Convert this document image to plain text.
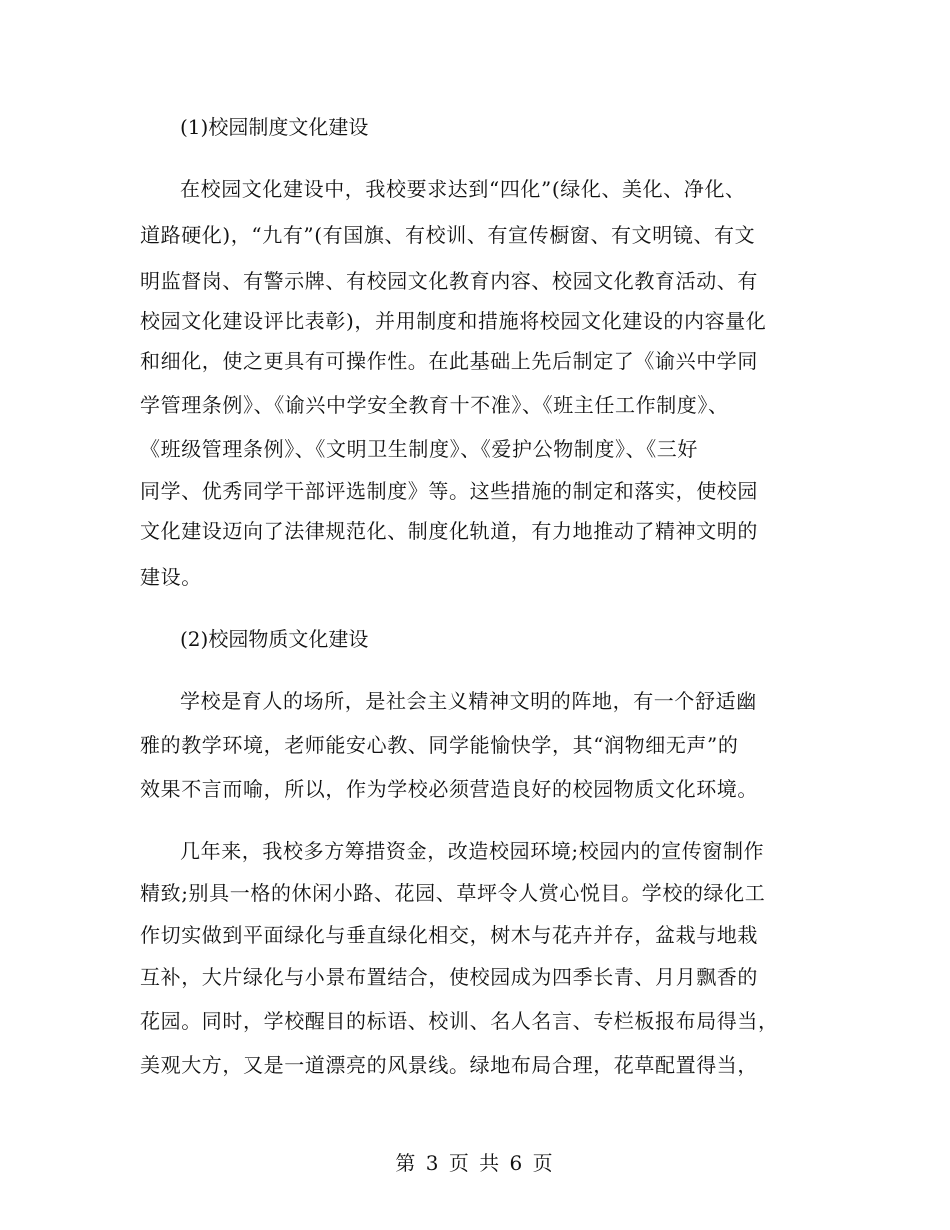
(1)校园制度文化建设
在校园文化建设中，我校要求达到“四化”(绿化、美化、净化、
道路硬化)，“九有”(有国旗、有校训、有宣传橱窗、有文明镜、有文
明监督岗、有警示牌、有校园文化教育内容、校园文化教育活动、有
校园文化建设评比表彰)，并用制度和措施将校园文化建设的内容量化
和细化，使之更具有可操作性。在此基础上先后制定了《谕兴中学同
学管理条例》、《谕兴中学安全教育十不准》、《班主任工作制度》、
《班级管理条例》、《文明卫生制度》、《爱护公物制度》、《三好
同学、优秀同学干部评选制度》等。这些措施的制定和落实，使校园
文化建设迈向了法律规范化、制度化轨道，有力地推动了精神文明的
建设。
(2)校园物质文化建设
学校是育人的场所，是社会主义精神文明的阵地，有一个舒适幽
雅的教学环境，老师能安心教、同学能愉快学，其“润物细无声”的
效果不言而喻，所以，作为学校必须营造良好的校园物质文化环境。
几年来，我校多方筹措资金，改造校园环境;校园内的宣传窗制作
精致;别具一格的休闲小路、花园、草坪令人赏心悦目。学校的绿化工
作切实做到平面绿化与垂直绿化相交，树木与花卉并存，盆栽与地栽
互补，大片绿化与小景布置结合，使校园成为四季长青、月月飘香的
花园。同时，学校醒目的标语、校训、名人名言、专栏板报布局得当，
美观大方，又是一道漂亮的风景线。绿地布局合理，花草配置得当，
第 3 页 共 6 页
